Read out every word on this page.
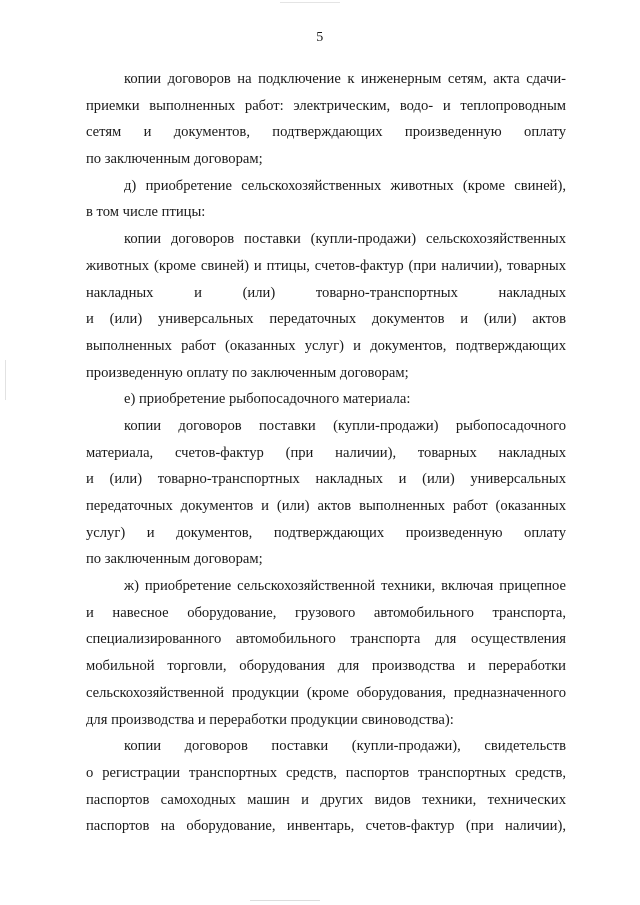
5
копии договоров на подключение к инженерным сетям, акта сдачи-
приемки выполненных работ: электрическим, водо- и теплопроводным
сетям и документов, подтверждающих произведенную оплату
по заключенным договорам;
д) приобретение сельскохозяйственных животных (кроме свиней),
в том числе птицы:
копии договоров поставки (купли-продажи) сельскохозяйственных
животных (кроме свиней) и птицы, счетов-фактур (при наличии), товарных
накладных и (или) товарно-транспортных накладных
и (или) универсальных передаточных документов и (или) актов
выполненных работ (оказанных услуг) и документов, подтверждающих
произведенную оплату по заключенным договорам;
е) приобретение рыбопосадочного материала:
копии договоров поставки (купли-продажи) рыбопосадочного
материала, счетов-фактур (при наличии), товарных накладных
и (или) товарно-транспортных накладных и (или) универсальных
передаточных документов и (или) актов выполненных работ (оказанных
услуг) и документов, подтверждающих произведенную оплату
по заключенным договорам;
ж) приобретение сельскохозяйственной техники, включая прицепное
и навесное оборудование, грузового автомобильного транспорта,
специализированного автомобильного транспорта для осуществления
мобильной торговли, оборудования для производства и переработки
сельскохозяйственной продукции (кроме оборудования, предназначенного
для производства и переработки продукции свиноводства):
копии договоров поставки (купли-продажи), свидетельств
о регистрации транспортных средств, паспортов транспортных средств,
паспортов самоходных машин и других видов техники, технических
паспортов на оборудование, инвентарь, счетов-фактур (при наличии),
